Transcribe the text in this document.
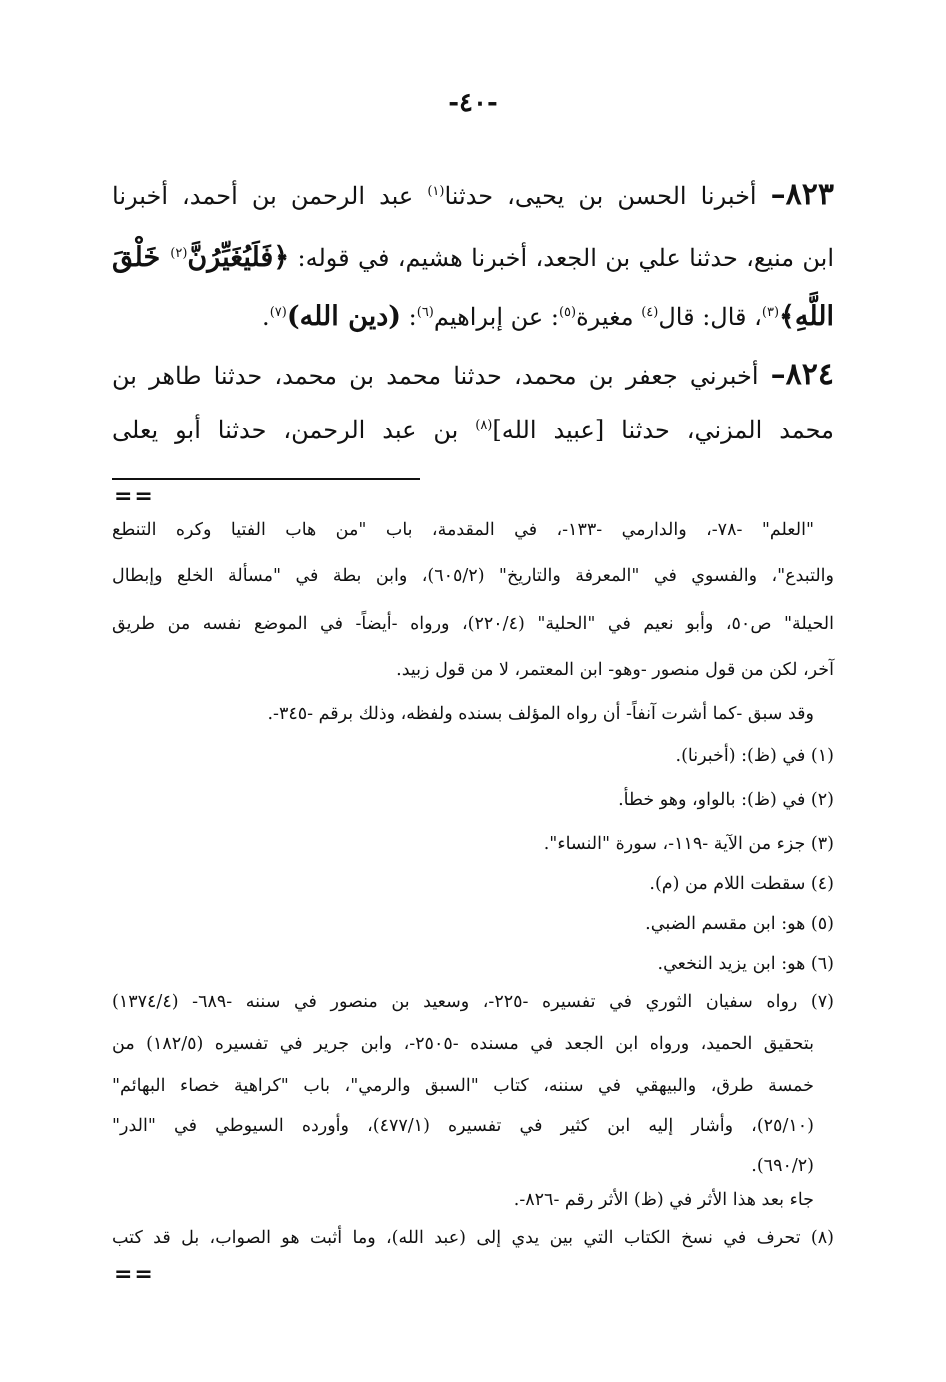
-٤٠-
٨٢٣– أخبرنا الحسن بن يحيى، حدثنا$^{(١)}$ عبد الرحمن بن أحمد، أخبرنا
ابن منيع، حدثنا علي بن الجعد، أخبرنا هشيم، في قوله: ﴿فَلَيُغَيِّرُنَّ$^{(٢)}$ خَلْقَ
اللَّهِ﴾$^{(٣)}$، قال: قال$^{(٤)}$ مغيرة$^{(٥)}$: عن إبراهيم$^{(٦)}$: (دين الله)$^{(٧)}$.
٨٢٤– أخبرني جعفر بن محمد، حدثنا محمد بن محمد، حدثنا طاهر بن
محمد المزني، حدثنا [عبيد الله]$^{(٨)}$ بن عبد الرحمن، حدثنا أبو يعلى
==
"العلم" -٧٨-، والدارمي -١٣٣-، في المقدمة، باب "من هاب الفتيا وكره التنطع
والتبدع"، والفسوي في "المعرفة والتاريخ" (٦٠٥/٢)، وابن بطة في "مسألة الخلع وإبطال
الحيلة" ص٥٠، وأبو نعيم في "الحلية" (٢٢٠/٤)، ورواه -أيضاً- في الموضع نفسه من طريق
آخر، لكن من قول منصور -وهو- ابن المعتمر، لا من قول زبيد.
وقد سبق -كما أشرت آنفاً- أن رواه المؤلف بسنده ولفظه، وذلك برقم -٣٤٥-.
(١) في (ظ): (أخبرنا).
(٢) في (ظ): بالواو، وهو خطأ.
(٣) جزء من الآية -١١٩-، سورة "النساء".
(٤) سقطت اللام من (م).
(٥) هو: ابن مقسم الضبي.
(٦) هو: ابن يزيد النخعي.
(٧) رواه سفيان الثوري في تفسيره -٢٢٥-، وسعيد بن منصور في سننه -٦٨٩- (١٣٧٤/٤)
بتحقيق الحميد، ورواه ابن الجعد في مسنده -٢٥٠٥-، وابن جرير في تفسيره (١٨٢/٥) من
خمسة طرق، والبيهقي في سننه، كتاب "السبق والرمي"، باب "كراهية خصاء البهائم"
(٢٥/١٠)، وأشار إليه ابن كثير في تفسيره (٤٧٧/١)، وأورده السيوطي في "الدر"
(٦٩٠/٢).
جاء بعد هذا الأثر في (ظ) الأثر رقم -٨٢٦-.
(٨) تحرف في نسخ الكتاب التي بين يدي إلى (عبد الله)، وما أثبت هو الصواب، بل قد كتب
==
